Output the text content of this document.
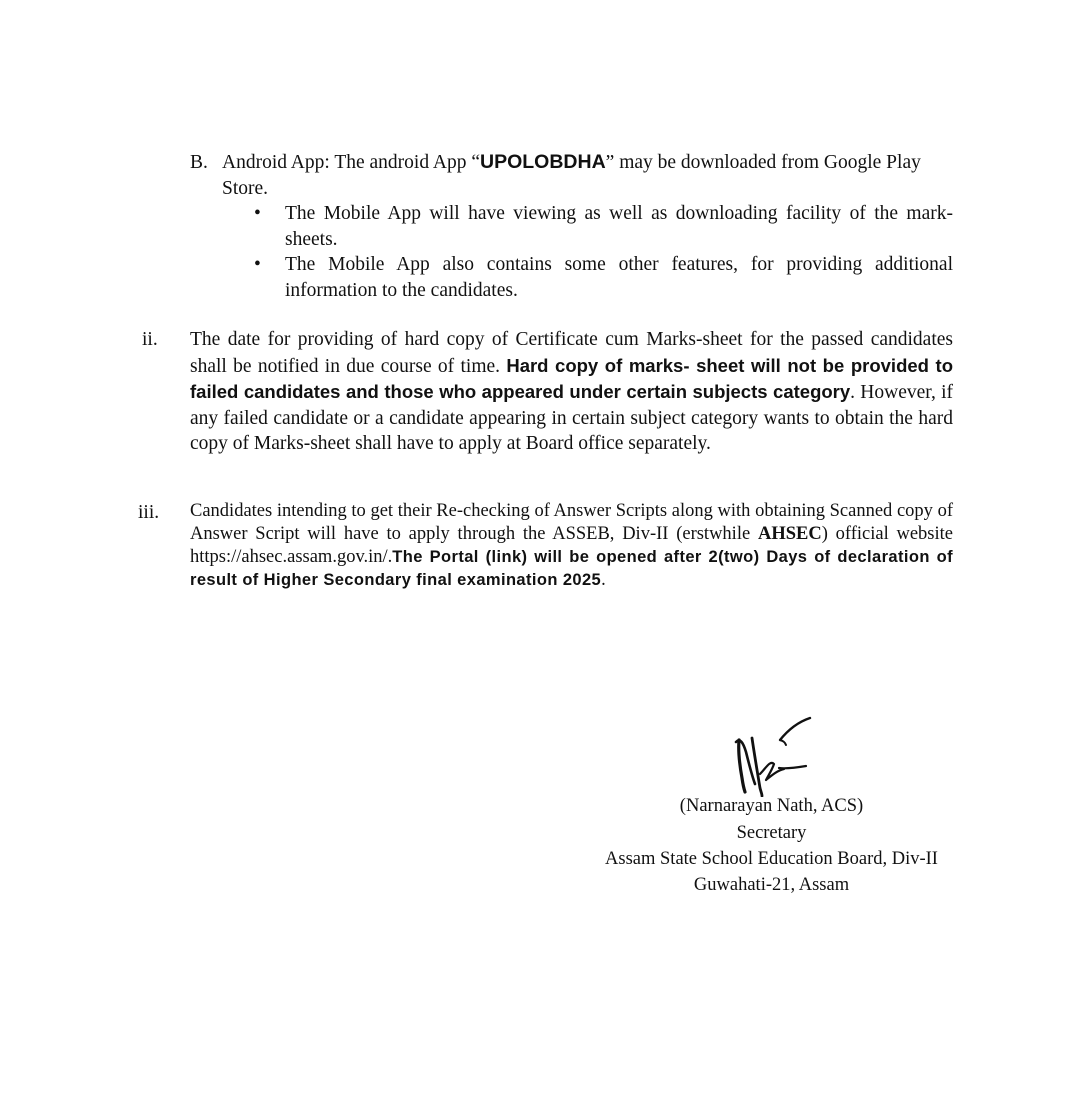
B. Android App: The android App “UPOLOBDHA” may be downloaded from Google Play Store.
•	The Mobile App will have viewing as well as downloading facility of the mark-sheets.
•	The Mobile App also contains some other features, for providing additional information to the candidates.
ii. The date for providing of hard copy of Certificate cum Marks-sheet for the passed candidates shall be notified in due course of time. Hard copy of marks- sheet will not be provided to failed candidates and those who appeared under certain subjects category. However, if any failed candidate or a candidate appearing in certain subject category wants to obtain the hard copy of Marks-sheet shall have to apply at Board office separately.
iii. Candidates intending to get their Re-checking of Answer Scripts along with obtaining Scanned copy of Answer Script will have to apply through the ASSEB, Div-II (erstwhile AHSEC) official website https://ahsec.assam.gov.in/.The Portal (link) will be opened after 2(two) Days of declaration of result of Higher Secondary final examination 2025.
(Narnarayan Nath, ACS)
Secretary
Assam State School Education Board, Div-II
Guwahati-21, Assam
